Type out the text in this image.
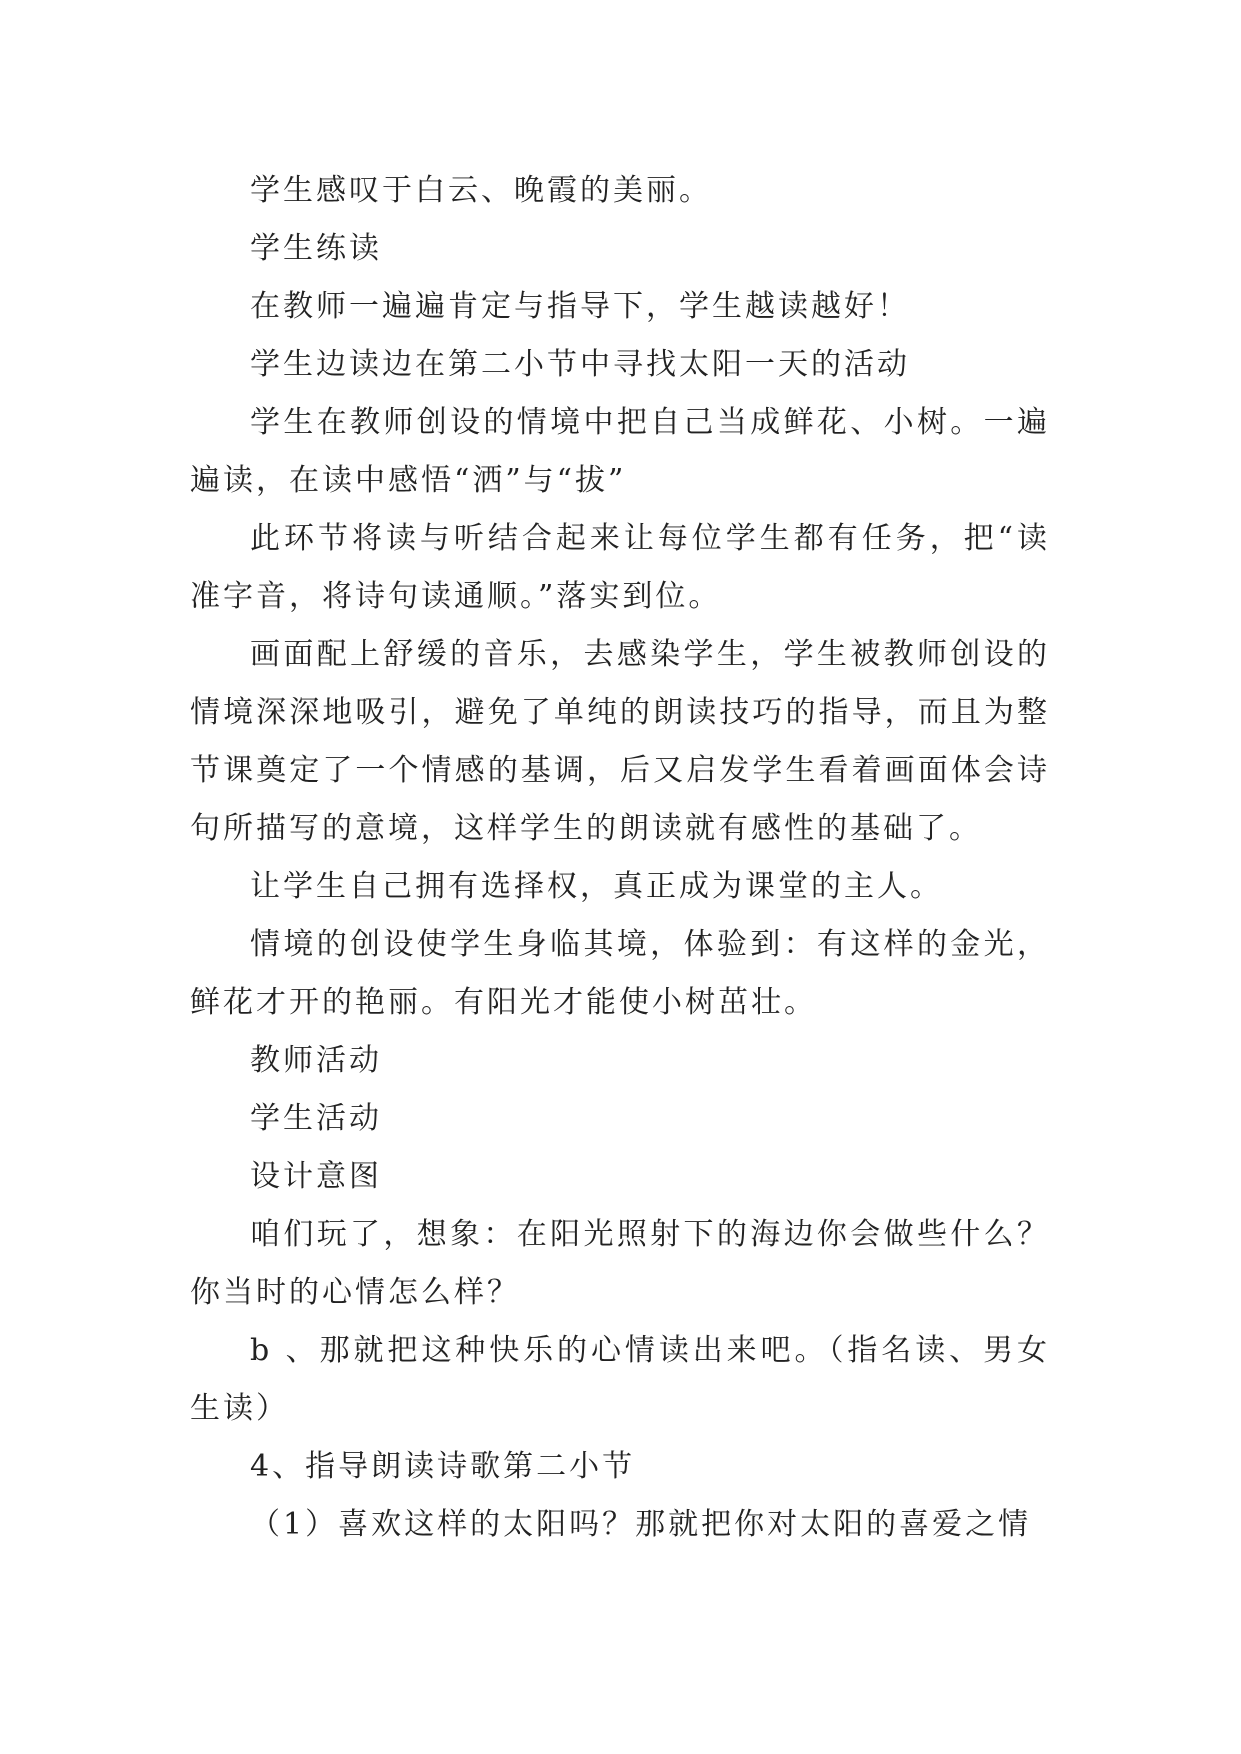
学生感叹于白云、晚霞的美丽。

学生练读

在教师一遍遍肯定与指导下，学生越读越好！

学生边读边在第二小节中寻找太阳一天的活动

学生在教师创设的情境中把自己当成鲜花、小树。一遍遍读，在读中感悟“洒”与“拔”

此环节将读与听结合起来让每位学生都有任务，把“读准字音，将诗句读通顺。”落实到位。

画面配上舒缓的音乐，去感染学生，学生被教师创设的情境深深地吸引，避免了单纯的朗读技巧的指导，而且为整节课奠定了一个情感的基调，后又启发学生看着画面体会诗句所描写的意境，这样学生的朗读就有感性的基础了。

让学生自己拥有选择权，真正成为课堂的主人。

情境的创设使学生身临其境，体验到：有这样的金光，鲜花才开的艳丽。有阳光才能使小树茁壮。

教师活动

学生活动

设计意图

咱们玩了，想象：在阳光照射下的海边你会做些什么？你当时的心情怎么样？

b 、那就把这种快乐的心情读出来吧。（指名读、男女生读）

4、指导朗读诗歌第二小节

（1）喜欢这样的太阳吗？那就把你对太阳的喜爱之情
